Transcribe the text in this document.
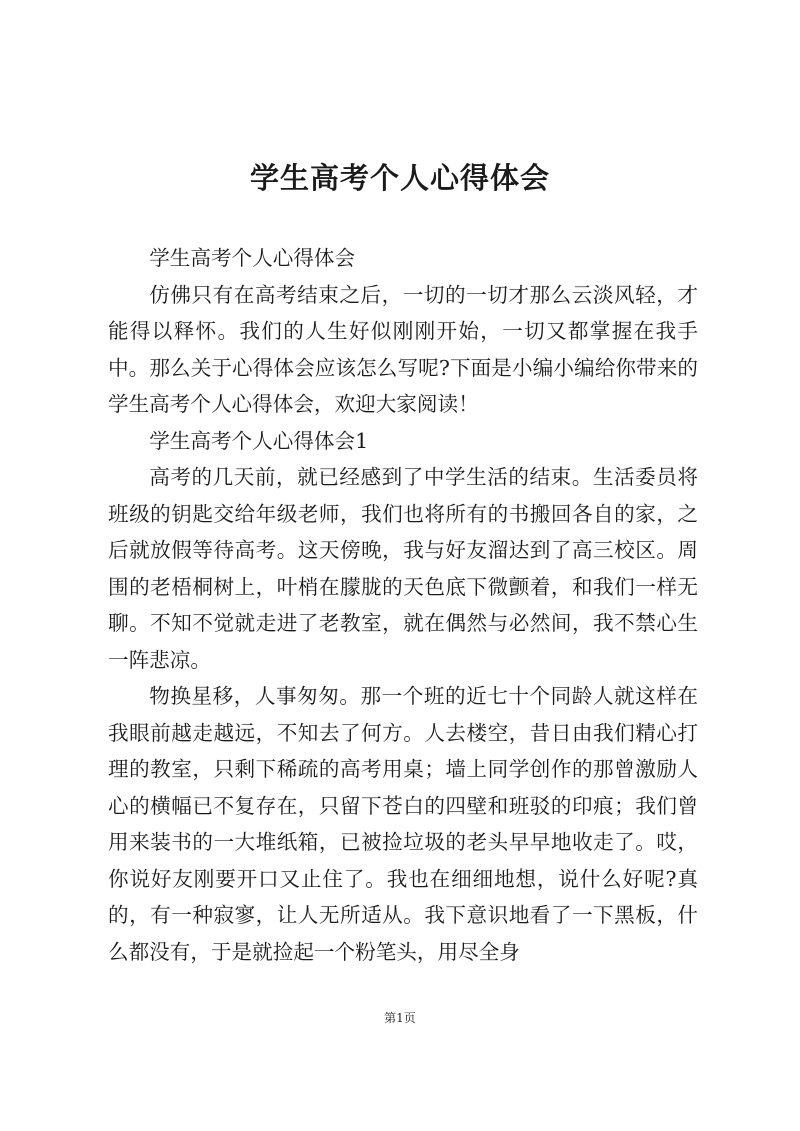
学生高考个人心得体会

学生高考个人心得体会

仿佛只有在高考结束之后，一切的一切才那么云淡风轻，才能得以释怀。我们的人生好似刚刚开始，一切又都掌握在我手中。那么关于心得体会应该怎么写呢?下面是小编小编给你带来的学生高考个人心得体会，欢迎大家阅读！

学生高考个人心得体会1

高考的几天前，就已经感到了中学生活的结束。生活委员将班级的钥匙交给年级老师，我们也将所有的书搬回各自的家，之后就放假等待高考。这天傍晚，我与好友溜达到了高三校区。周围的老梧桐树上，叶梢在朦胧的天色底下微颤着，和我们一样无聊。不知不觉就走进了老教室，就在偶然与必然间，我不禁心生一阵悲凉。

物换星移，人事匆匆。那一个班的近七十个同龄人就这样在我眼前越走越远，不知去了何方。人去楼空，昔日由我们精心打理的教室，只剩下稀疏的高考用桌；墙上同学创作的那曾激励人心的横幅已不复存在，只留下苍白的四壁和班驳的印痕；我们曾用来装书的一大堆纸箱，已被捡垃圾的老头早早地收走了。哎，你说好友刚要开口又止住了。我也在细细地想，说什么好呢?真的，有一种寂寥，让人无所适从。我下意识地看了一下黑板，什么都没有，于是就捡起一个粉笔头，用尽全身

第1页
